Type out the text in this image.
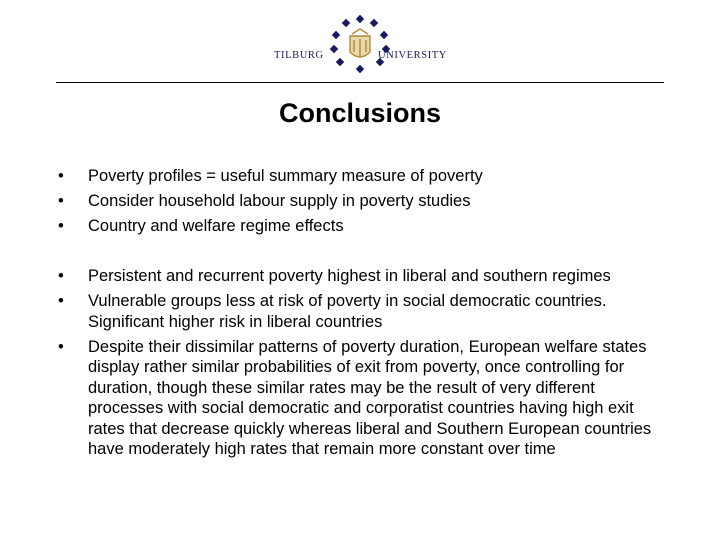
TILBURG	UNIVERSITY
Conclusions
•	Poverty profiles = useful summary measure of poverty
•	Consider household labour supply in poverty studies
•	Country and welfare regime effects
•	Persistent and recurrent poverty highest in liberal and southern regimes
•	Vulnerable groups less at risk of poverty in social democratic countries. Significant higher risk in liberal countries
•	Despite their dissimilar patterns of poverty duration, European welfare states display rather similar probabilities of exit from poverty, once controlling for duration, though these similar rates may be the result of very different processes with social democratic and corporatist countries having high exit rates that decrease quickly whereas liberal and Southern European countries have moderately high rates that remain more constant over time
